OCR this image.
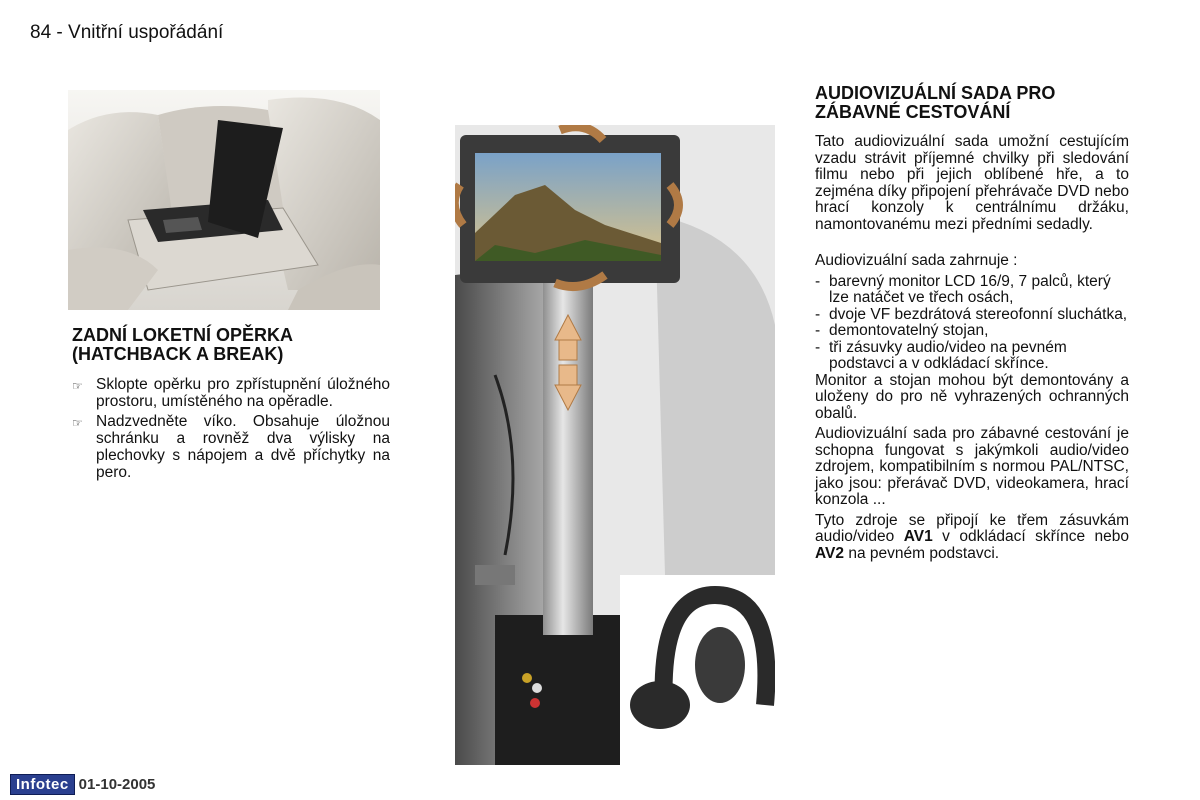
84 - Vnitřní uspořádání
ZADNÍ LOKETNÍ OPĚRKA
(HATCHBACK A BREAK)
☞ Sklopte opěrku pro zpřístupnění úložného prostoru, umístěného na opěradle.
☞ Nadzvedněte víko. Obsahuje úložnou schránku a rovněž dva výlisky na plechovky s nápojem a dvě příchytky na pero.
AUDIOVIZUÁLNÍ SADA PRO
ZÁBAVNÉ CESTOVÁNÍ

Tato audiovizuální sada umožní cestujícím vzadu strávit příjemné chvilky při sledování filmu nebo při jejich oblíbené hře, a to zejména díky připojení přehrávače DVD nebo hrací konzoly k centrálnímu držáku, namontovanému mezi předními sedadly.

Audiovizuální sada zahrnuje :

- barevný monitor LCD 16/9, 7 palců, který lze natáčet ve třech osách,
- dvoje VF bezdrátová stereofonní sluchátka,
- demontovatelný stojan,
- tři zásuvky audio/video na pevném podstavci a v odkládací skřínce.

Monitor a stojan mohou být demontovány a uloženy do pro ně vyhrazených ochranných obalů.

Audiovizuální sada pro zábavné cestování je schopna fungovat s jakýmkoli audio/video zdrojem, kompatibilním s normou PAL/NTSC, jako jsou: přerávač DVD, videokamera, hrací konzola ...

Tyto zdroje se připojí ke třem zásuvkám audio/video AV1 v odkládací skřínce nebo AV2 na pevném podstavci.

Infotec 01-10-2005
